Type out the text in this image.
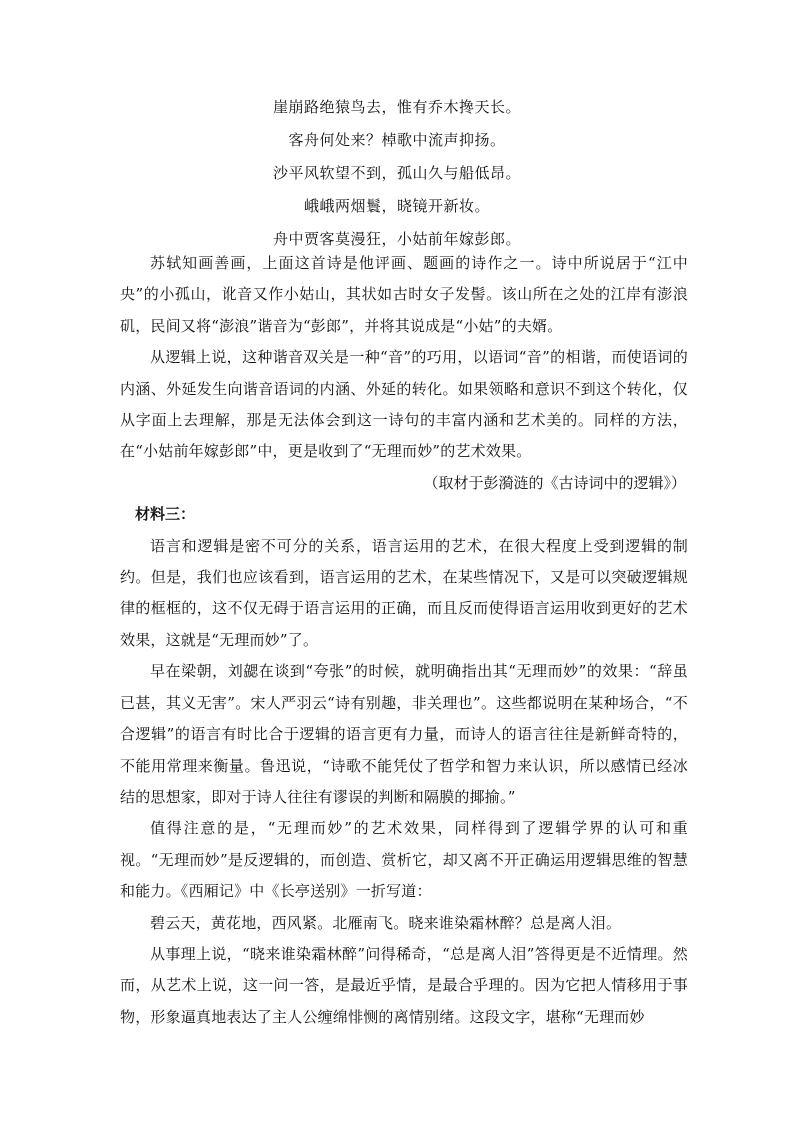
崖崩路绝猿鸟去，惟有乔木搀天长。
客舟何处来？棹歌中流声抑扬。
沙平风软望不到，孤山久与船低昂。
峨峨两烟鬟，晓镜开新妆。
舟中贾客莫漫狂，小姑前年嫁彭郎。

苏轼知画善画，上面这首诗是他评画、题画的诗作之一。诗中所说居于“江中央”的小孤山，讹音又作小姑山，其状如古时女子发髻。该山所在之处的江岸有澎浪矶，民间又将“澎浪”谐音为“彭郎”，并将其说成是“小姑”的夫婿。

从逻辑上说，这种谐音双关是一种“音”的巧用，以语词“音”的相谐，而使语词的内涵、外延发生向谐音语词的内涵、外延的转化。如果领略和意识不到这个转化，仅从字面上去理解，那是无法体会到这一诗句的丰富内涵和艺术美的。同样的方法，在“小姑前年嫁彭郎”中，更是收到了“无理而妙”的艺术效果。

（取材于彭漪涟的《古诗词中的逻辑》）

材料三：

语言和逻辑是密不可分的关系，语言运用的艺术，在很大程度上受到逻辑的制约。但是，我们也应该看到，语言运用的艺术，在某些情况下，又是可以突破逻辑规律的框框的，这不仅无碍于语言运用的正确，而且反而使得语言运用收到更好的艺术效果，这就是“无理而妙”了。

早在梁朝，刘勰在谈到“夸张”的时候，就明确指出其“无理而妙”的效果：“辞虽已甚，其义无害”。宋人严羽云“诗有别趣，非关理也”。这些都说明在某种场合，“不合逻辑”的语言有时比合于逻辑的语言更有力量，而诗人的语言往往是新鲜奇特的，不能用常理来衡量。鲁迅说，“诗歌不能凭仗了哲学和智力来认识，所以感情已经冰结的思想家，即对于诗人往往有谬误的判断和隔膜的揶揄。”

值得注意的是，“无理而妙”的艺术效果，同样得到了逻辑学界的认可和重视。“无理而妙”是反逻辑的，而创造、赏析它，却又离不开正确运用逻辑思维的智慧和能力。《西厢记》中《长亭送别》一折写道：

碧云天，黄花地，西风紧。北雁南飞。晓来谁染霜林醉？总是离人泪。

从事理上说，“晓来谁染霜林醉”问得稀奇，“总是离人泪”答得更是不近情理。然而，从艺术上说，这一问一答，是最近乎情，是最合乎理的。因为它把人情移用于事物，形象逼真地表达了主人公缠绵悱恻的离情别绪。这段文字，堪称“无理而妙
